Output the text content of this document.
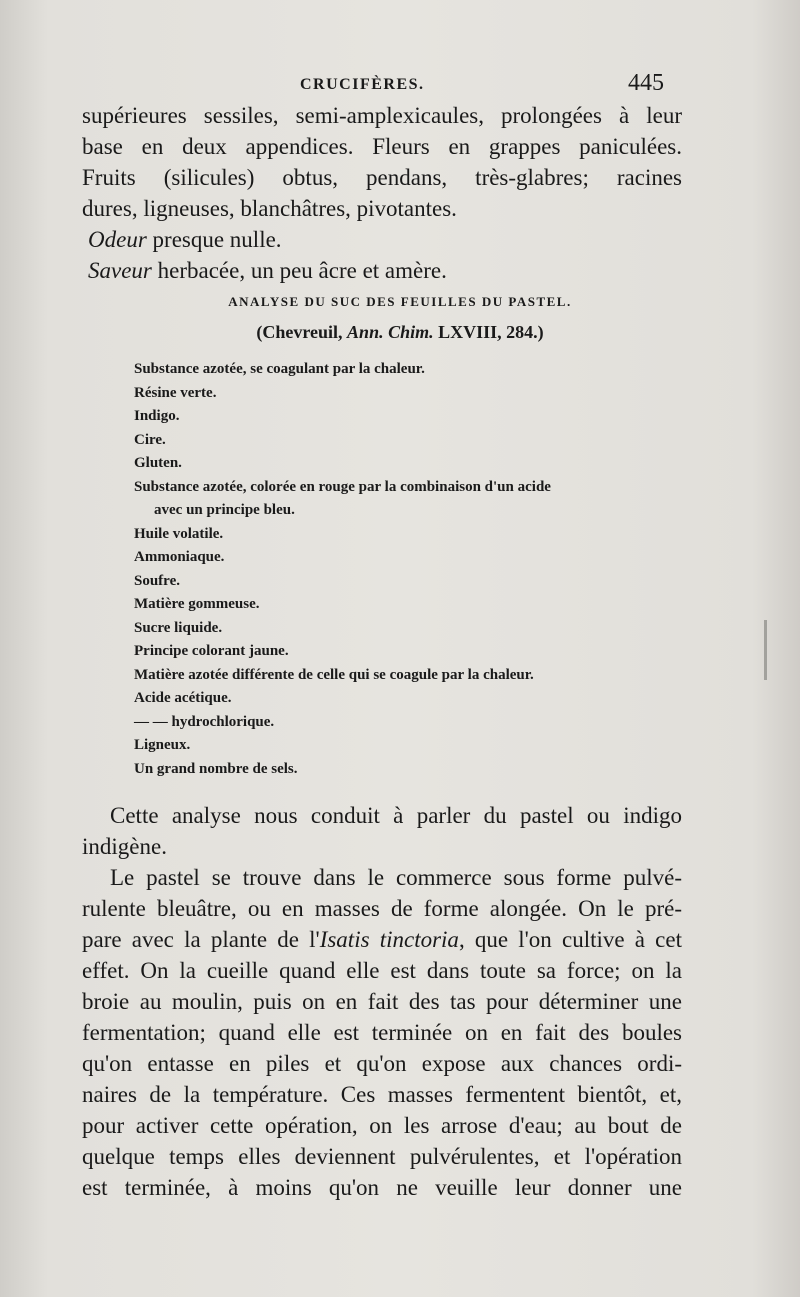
CRUCIFÈRES.	445

supérieures sessiles, semi-amplexicaules, prolongées à leur
base en deux appendices. Fleurs en grappes paniculées.
Fruits (silicules) obtus, pendans, très-glabres; racines
dures, ligneuses, blanchâtres, pivotantes.
Odeur presque nulle.
Saveur herbacée, un peu âcre et amère.

ANALYSE DU SUC DES FEUILLES DU PASTEL.
(Chevreuil, Ann. Chim. LXVIII, 284.)
Substance azotée, se coagulant par la chaleur.
Résine verte.
Indigo.
Cire.
Gluten.
Substance azotée, colorée en rouge par la combinaison d'un acide
avec un principe bleu.
Huile volatile.
Ammoniaque.
Soufre.
Matière gommeuse.
Sucre liquide.
Principe colorant jaune.
Matière azotée différente de celle qui se coagule par la chaleur.
Acide acétique.
— — hydrochlorique.
Ligneux.
Un grand nombre de sels.

Cette analyse nous conduit à parler du pastel ou indigo
indigène.
Le pastel se trouve dans le commerce sous forme pulvé-
rulente bleuâtre, ou en masses de forme alongée. On le pré-
pare avec la plante de l'Isatis tinctoria, que l'on cultive à cet
effet. On la cueille quand elle est dans toute sa force; on la
broie au moulin, puis on en fait des tas pour déterminer une
fermentation; quand elle est terminée on en fait des boules
qu'on entasse en piles et qu'on expose aux chances ordi-
naires de la température. Ces masses fermentent bientôt, et,
pour activer cette opération, on les arrose d'eau; au bout de
quelque temps elles deviennent pulvérulentes, et l'opération
est terminée, à moins qu'on ne veuille leur donner une
